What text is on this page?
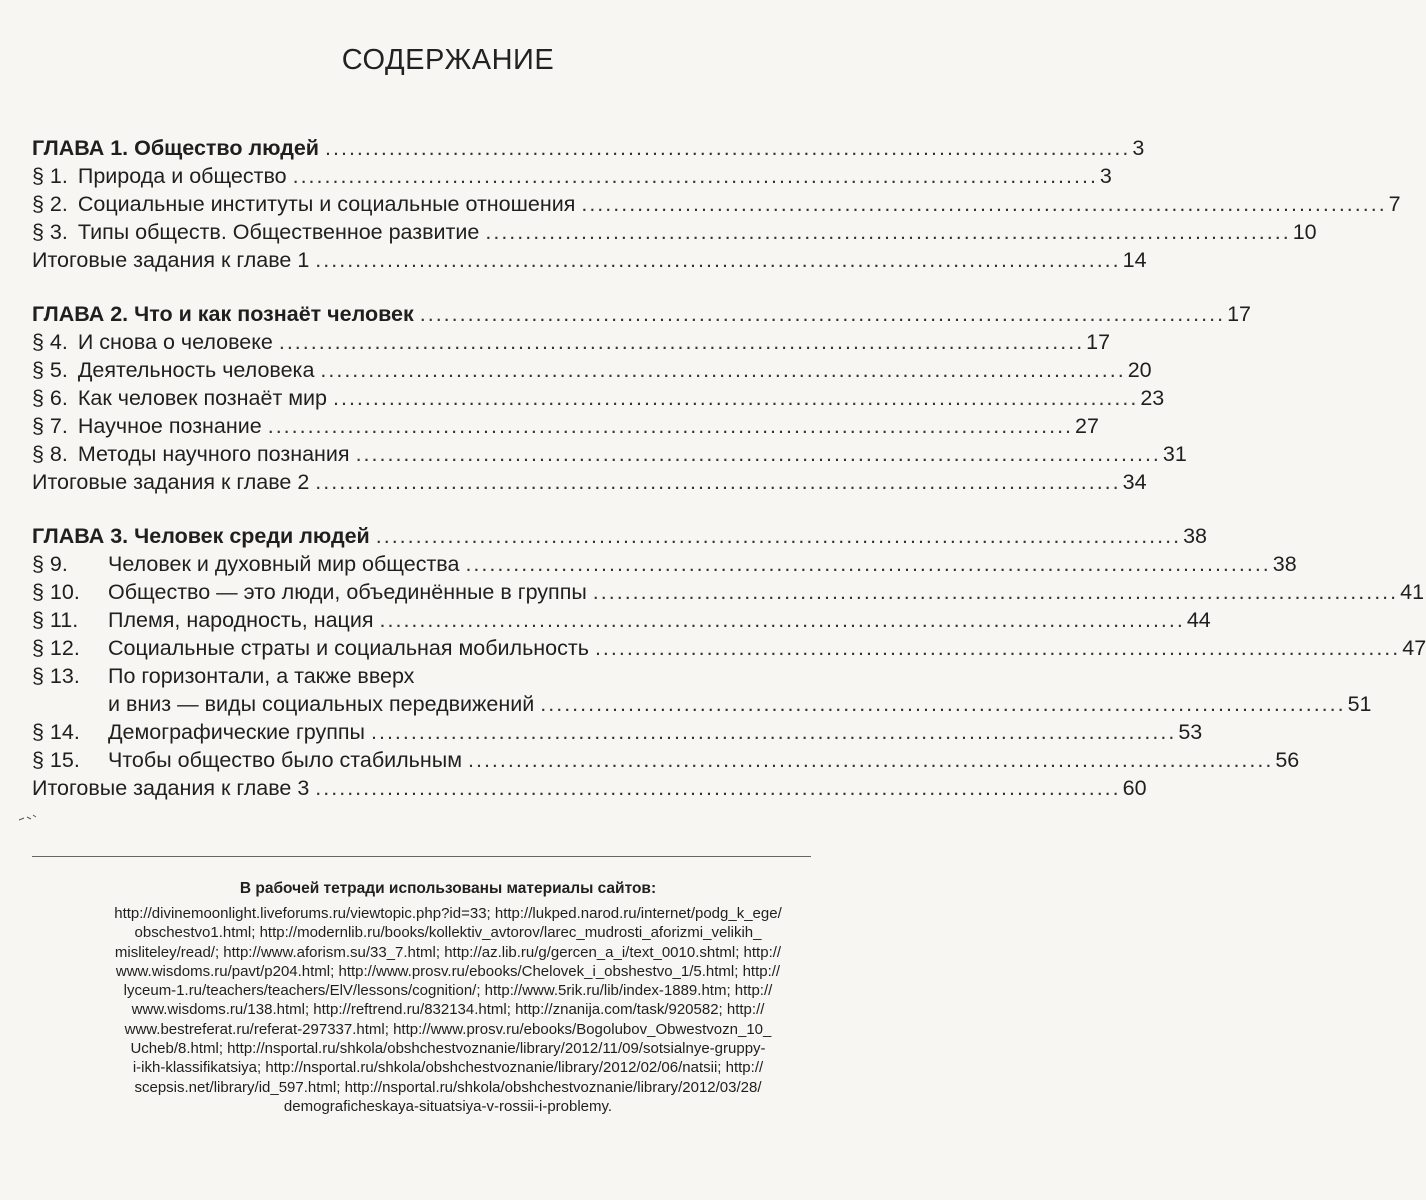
СОДЕРЖАНИЕ
ГЛАВА 1. Общество людей ..................................................................................................... 3
§ 1. Природа и общество ..................................................................................................... 3
§ 2. Социальные институты и социальные отношения ..................................................................................................... 7
§ 3. Типы обществ. Общественное развитие ..................................................................................................... 10
Итоговые задания к главе 1 ..................................................................................................... 14
ГЛАВА 2. Что и как познаёт человек ..................................................................................................... 17
§ 4. И снова о человеке ..................................................................................................... 17
§ 5. Деятельность человека ..................................................................................................... 20
§ 6. Как человек познаёт мир ..................................................................................................... 23
§ 7. Научное познание ..................................................................................................... 27
§ 8. Методы научного познания ..................................................................................................... 31
Итоговые задания к главе 2 ..................................................................................................... 34
ГЛАВА 3. Человек среди людей ..................................................................................................... 38
§ 9.	Человек и духовный мир общества ..................................................................................................... 38
§ 10.	Общество — это люди, объединённые в группы ..................................................................................................... 41
§ 11.	Племя, народность, нация ..................................................................................................... 44
§ 12.	Социальные страты и социальная мобильность ..................................................................................................... 47
§ 13.	По горизонтали, а также вверх
и вниз — виды социальных передвижений ..................................................................................................... 51
§ 14.	Демографические группы ..................................................................................................... 53
§ 15.	Чтобы общество было стабильным ..................................................................................................... 56
Итоговые задания к главе 3 ..................................................................................................... 60
В рабочей тетради использованы материалы сайтов:
http://divinemoonlight.liveforums.ru/viewtopic.php?id=33; http://lukped.narod.ru/internet/podg_k_ege/
obschestvo1.html; http://modernlib.ru/books/kollektiv_avtorov/larec_mudrosti_aforizmi_velikih_
misliteley/read/; http://www.aforism.su/33_7.html; http://az.lib.ru/g/gercen_a_i/text_0010.shtml; http://
www.wisdoms.ru/pavt/p204.html; http://www.prosv.ru/ebooks/Chelovek_i_obshestvo_1/5.html; http://
lyceum-1.ru/teachers/teachers/ElV/lessons/cognition/; http://www.5rik.ru/lib/index-1889.htm; http://
www.wisdoms.ru/138.html; http://reftrend.ru/832134.html; http://znanija.com/task/920582; http://
www.bestreferat.ru/referat-297337.html; http://www.prosv.ru/ebooks/Bogolubov_Obwestvozn_10_
Ucheb/8.html; http://nsportal.ru/shkola/obshchestvoznanie/library/2012/11/09/sotsialnye-gruppy-
i-ikh-klassifikatsiya; http://nsportal.ru/shkola/obshchestvoznanie/library/2012/02/06/natsii; http://
scepsis.net/library/id_597.html; http://nsportal.ru/shkola/obshchestvoznanie/library/2012/03/28/
demograficheskaya-situatsiya-v-rossii-i-problemy.
